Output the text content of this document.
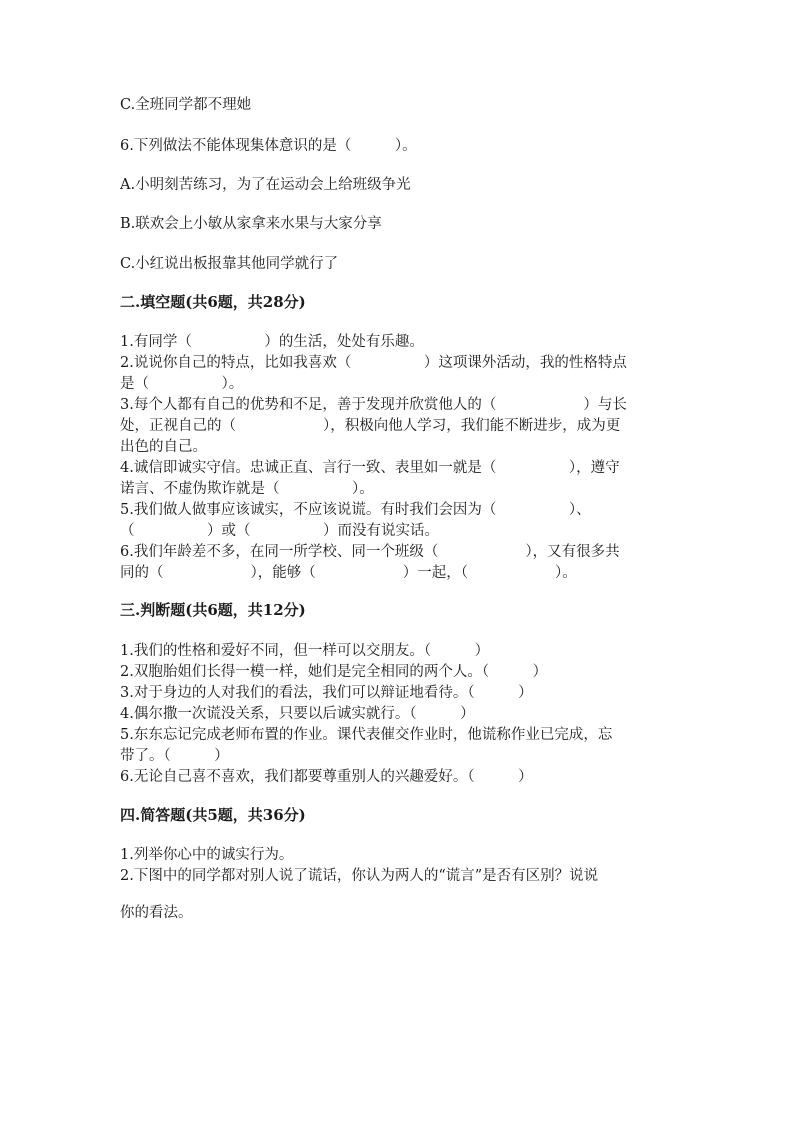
C.全班同学都不理她
6.下列做法不能体现集体意识的是（　　　）。
A.小明刻苦练习，为了在运动会上给班级争光
B.联欢会上小敏从家拿来水果与大家分享
C.小红说出板报靠其他同学就行了
二.填空题(共6题，共28分)
1.有同学（　　　　　）的生活，处处有乐趣。
2.说说你自己的特点，比如我喜欢（　　　　　）这项课外活动，我的性格特点
是（　　　　　）。
3.每个人都有自己的优势和不足，善于发现并欣赏他人的（　　　　　　）与长
处，正视自己的（　　　　　　），积极向他人学习，我们能不断进步，成为更
出色的自己。
4.诚信即诚实守信。忠诚正直、言行一致、表里如一就是（　　　　　），遵守
诺言、不虚伪欺诈就是（　　　　　）。
5.我们做人做事应该诚实，不应该说谎。有时我们会因为（　　　　　）、
（　　　　　）或（　　　　　）而没有说实话。
6.我们年龄差不多，在同一所学校、同一个班级（　　　　　　），又有很多共
同的（　　　　　　），能够（　　　　　　）一起，（　　　　　　）。
三.判断题(共6题，共12分)
1.我们的性格和爱好不同，但一样可以交朋友。（　　　）
2.双胞胎姐们长得一模一样，她们是完全相同的两个人。（　　　）
3.对于身边的人对我们的看法，我们可以辩证地看待。（　　　）
4.偶尔撒一次谎没关系，只要以后诚实就行。（　　　）
5.东东忘记完成老师布置的作业。课代表催交作业时，他谎称作业已完成，忘
带了。（　　　）
6.无论自己喜不喜欢，我们都要尊重别人的兴趣爱好。（　　　）
四.简答题(共5题，共36分)
1.列举你心中的诚实行为。
2.下图中的同学都对别人说了谎话，你认为两人的“谎言”是否有区别？说说
你的看法。
